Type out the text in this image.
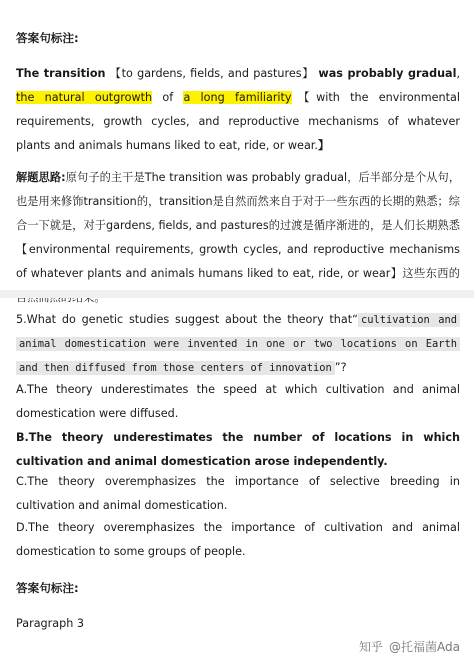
答案句标注:
The transition 【to gardens, fields, and pastures】 was probably gradual, the natural outgrowth of a long familiarity【with the environmental requirements, growth cycles, and reproductive mechanisms of whatever plants and animals humans liked to eat, ride, or wear.】
解题思路:原句子的主干是The transition was probably gradual，后半部分是个从句，也是用来修饰transition的，transition是自然而然来自于对于一些东西的长期的熟悉；综合一下就是，对于gardens, fields, and pastures的过渡是循序渐进的，是人们长期熟悉【environmental requirements, growth cycles, and reproductive mechanisms of whatever plants and animals humans liked to eat, ride, or wear】这些东西的
5.What do genetic studies suggest about the theory that“ cultivation and animal domestication were invented in one or two locations on Earth and then diffused from those centers of innovation ”?
A.The theory underestimates the speed at which cultivation and animal domestication were diffused.
B.The theory underestimates the number of locations in which cultivation and animal domestication arose independently.
C.The theory overemphasizes the importance of selective breeding in cultivation and animal domestication.
D.The theory overemphasizes the importance of cultivation and animal domestication to some groups of people.
答案句标注:
Paragraph 3
知乎 @托福菌Ada
